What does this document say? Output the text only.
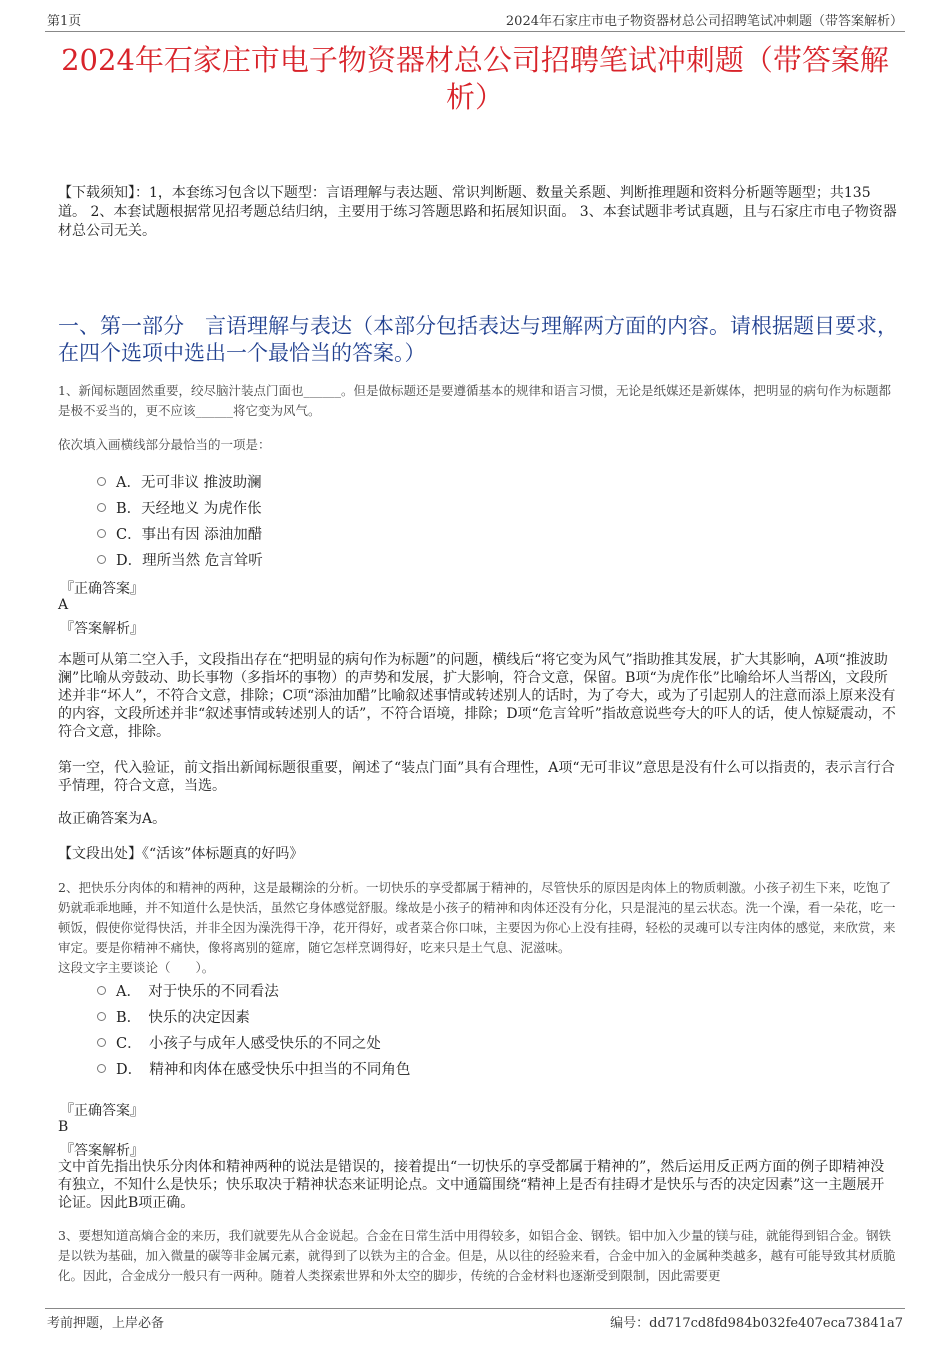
第1页	2024年石家庄市电子物资器材总公司招聘笔试冲刺题（带答案解析）
2024年石家庄市电子物资器材总公司招聘笔试冲刺题（带答案解析）
【下载须知】：1，本套练习包含以下题型：言语理解与表达题、常识判断题、数量关系题、判断推理题和资料分析题等题型；共135道。 2、本套试题根据常见招考题总结归纳，主要用于练习答题思路和拓展知识面。 3、本套试题非考试真题，且与石家庄市电子物资器材总公司无关。
一、第一部分　言语理解与表达（本部分包括表达与理解两方面的内容。请根据题目要求，在四个选项中选出一个最恰当的答案。）
1、新闻标题固然重要，绞尽脑汁装点门面也______。但是做标题还是要遵循基本的规律和语言习惯，无论是纸媒还是新媒体，把明显的病句作为标题都是极不妥当的，更不应该______将它变为风气。
依次填入画横线部分最恰当的一项是：
A．无可非议 推波助澜
B．天经地义 为虎作伥
C．事出有因 添油加醋
D．理所当然 危言耸听
『正确答案』
A
『答案解析』
本题可从第二空入手，文段指出存在“把明显的病句作为标题”的问题，横线后“将它变为风气”指助推其发展，扩大其影响，A项“推波助澜”比喻从旁鼓动、助长事物（多指坏的事物）的声势和发展，扩大影响，符合文意，保留。B项“为虎作伥”比喻给坏人当帮凶，文段所述并非“坏人”，不符合文意，排除；C项“添油加醋”比喻叙述事情或转述别人的话时，为了夸大，或为了引起别人的注意而添上原来没有的内容，文段所述并非“叙述事情或转述别人的话”，不符合语境，排除；D项“危言耸听”指故意说些夸大的吓人的话，使人惊疑震动，不符合文意，排除。
第一空，代入验证，前文指出新闻标题很重要，阐述了“装点门面”具有合理性，A项“无可非议”意思是没有什么可以指责的，表示言行合乎情理，符合文意，当选。
故正确答案为A。
【文段出处】《“活该”体标题真的好吗》
2、把快乐分肉体的和精神的两种，这是最糊涂的分析。一切快乐的享受都属于精神的，尽管快乐的原因是肉体上的物质刺激。小孩子初生下来，吃饱了奶就乖乖地睡，并不知道什么是快活，虽然它身体感觉舒服。缘故是小孩子的精神和肉体还没有分化，只是混沌的星云状态。洗一个澡，看一朵花，吃一顿饭，假使你觉得快活，并非全因为澡洗得干净，花开得好，或者菜合你口味，主要因为你心上没有挂碍，轻松的灵魂可以专注肉体的感觉，来欣赏，来审定。要是你精神不痛快，像将离别的筵席，随它怎样烹调得好，吃来只是土气息、泥滋味。
这段文字主要谈论（　　）。
A．　对于快乐的不同看法
B．　快乐的决定因素
C．　小孩子与成年人感受快乐的不同之处
D．　精神和肉体在感受快乐中担当的不同角色
『正确答案』
B
『答案解析』
文中首先指出快乐分肉体和精神两种的说法是错误的，接着提出“一切快乐的享受都属于精神的”，然后运用反正两方面的例子即精神没有独立，不知什么是快乐；快乐取决于精神状态来证明论点。文中通篇围绕“精神上是否有挂碍才是快乐与否的决定因素”这一主题展开论证。因此B项正确。
3、要想知道高熵合金的来历，我们就要先从合金说起。合金在日常生活中用得较多，如铝合金、钢铁。铝中加入少量的镁与硅，就能得到铝合金。钢铁是以铁为基础，加入微量的碳等非金属元素，就得到了以铁为主的合金。但是，从以往的经验来看，合金中加入的金属种类越多，越有可能导致其材质脆化。因此，合金成分一般只有一两种。随着人类探索世界和外太空的脚步，传统的合金材料也逐渐受到限制，因此需要更
考前押题，上岸必备	编号：dd717cd8fd984b032fe407eca73841a7
